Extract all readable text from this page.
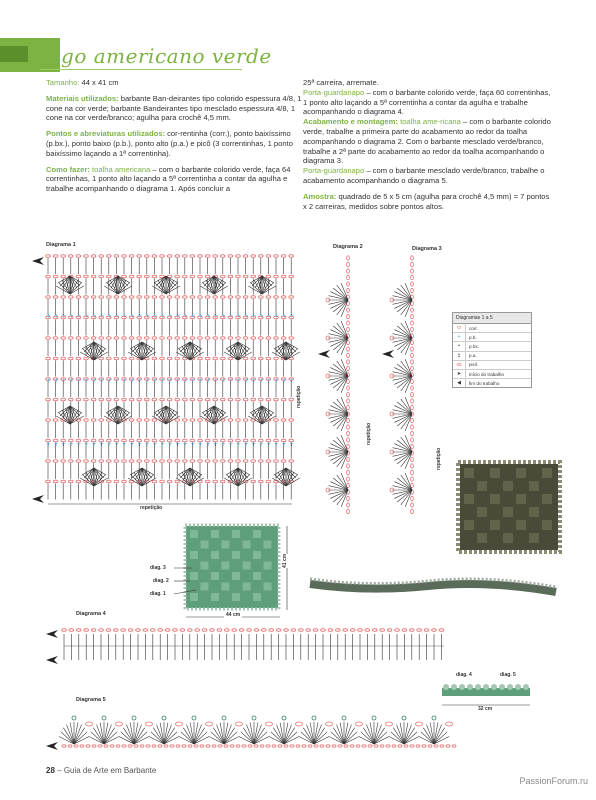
Jogo americano verde

Tamanho: 44 x 41 cm

Materiais utilizados: barbante Ban-deirantes tipo colorido espessura 4/8, 1 cone na cor verde; barbante Bandeirantes tipo mesclado espessura 4/8, 1 cone na cor verde/branco; agulha para crochê 4,5 mm.

Pontos e abreviaturas utilizados: cor-rentinha (corr.), ponto baixíssimo (p.bx.), ponto baixo (p.b.), ponto alto (p.a.) e picô (3 correntinhas, 1 ponto baixíssimo laçando a 1ª correntinha).

Como fazer: toalha americana – com o barbante colorido verde, faça 64 correntinhas, 1 ponto alto laçando a 5ª correntinha a contar da agulha e trabalhe acompanhando o diagrama 1. Após concluir a

25ª carreira, arremate.

Porta-guardanapo – com o barbante colorido verde, faça 60 correntinhas, 1 ponto alto laçando a 5ª correntinha a contar da agulha e trabalhe acompanhando o diagrama 4.

Acabamento e montagem: toalha ame-ricana – com o barbante colorido verde, trabalhe a primeira parte do acabamento ao redor da toalha acompanhando o diagrama 2. Com o barbante mesclado verde/branco, trabalhe a 2ª parte do acabamento ao redor da toalha acompanhando o diagrama 3.

Porta-guardanapo – com o barbante mesclado verde/branco, trabalhe o acabamento acompanhando o diagrama 5.

Amostra: quadrado de 5 x 5 cm (agulha para crochê 4,5 mm) = 7 pontos x 2 carreiras, medidos sobre pontos altos.

Diagrama 1	Diagrama 2	Diagrama 3
Diagrama 4
Diagrama 5
+ + + + + + + + + + + + + + + + + + + + + + + + + + + + + + + + +
+ + + + + + + + + + + + + + + + + + + + + + + + + + + + + + + + +
+ + + + + + + + + + + + + + + + + + + + + + + + + + + + + + + + +
repetição
repetição
repetição
repetição
Diagramas 1 a 5
⬭	corr.
+	p.b.
•	p.bx.
‡	p.a.
ꝏ	picô
➤	início do trabalho
◀	fim do trabalho
diag. 3
diag. 2
diag. 1
44 cm
41 cm
diag. 4	diag. 5
32 cm
28 – Guia de Arte em Barbante
PassionForum.ru
